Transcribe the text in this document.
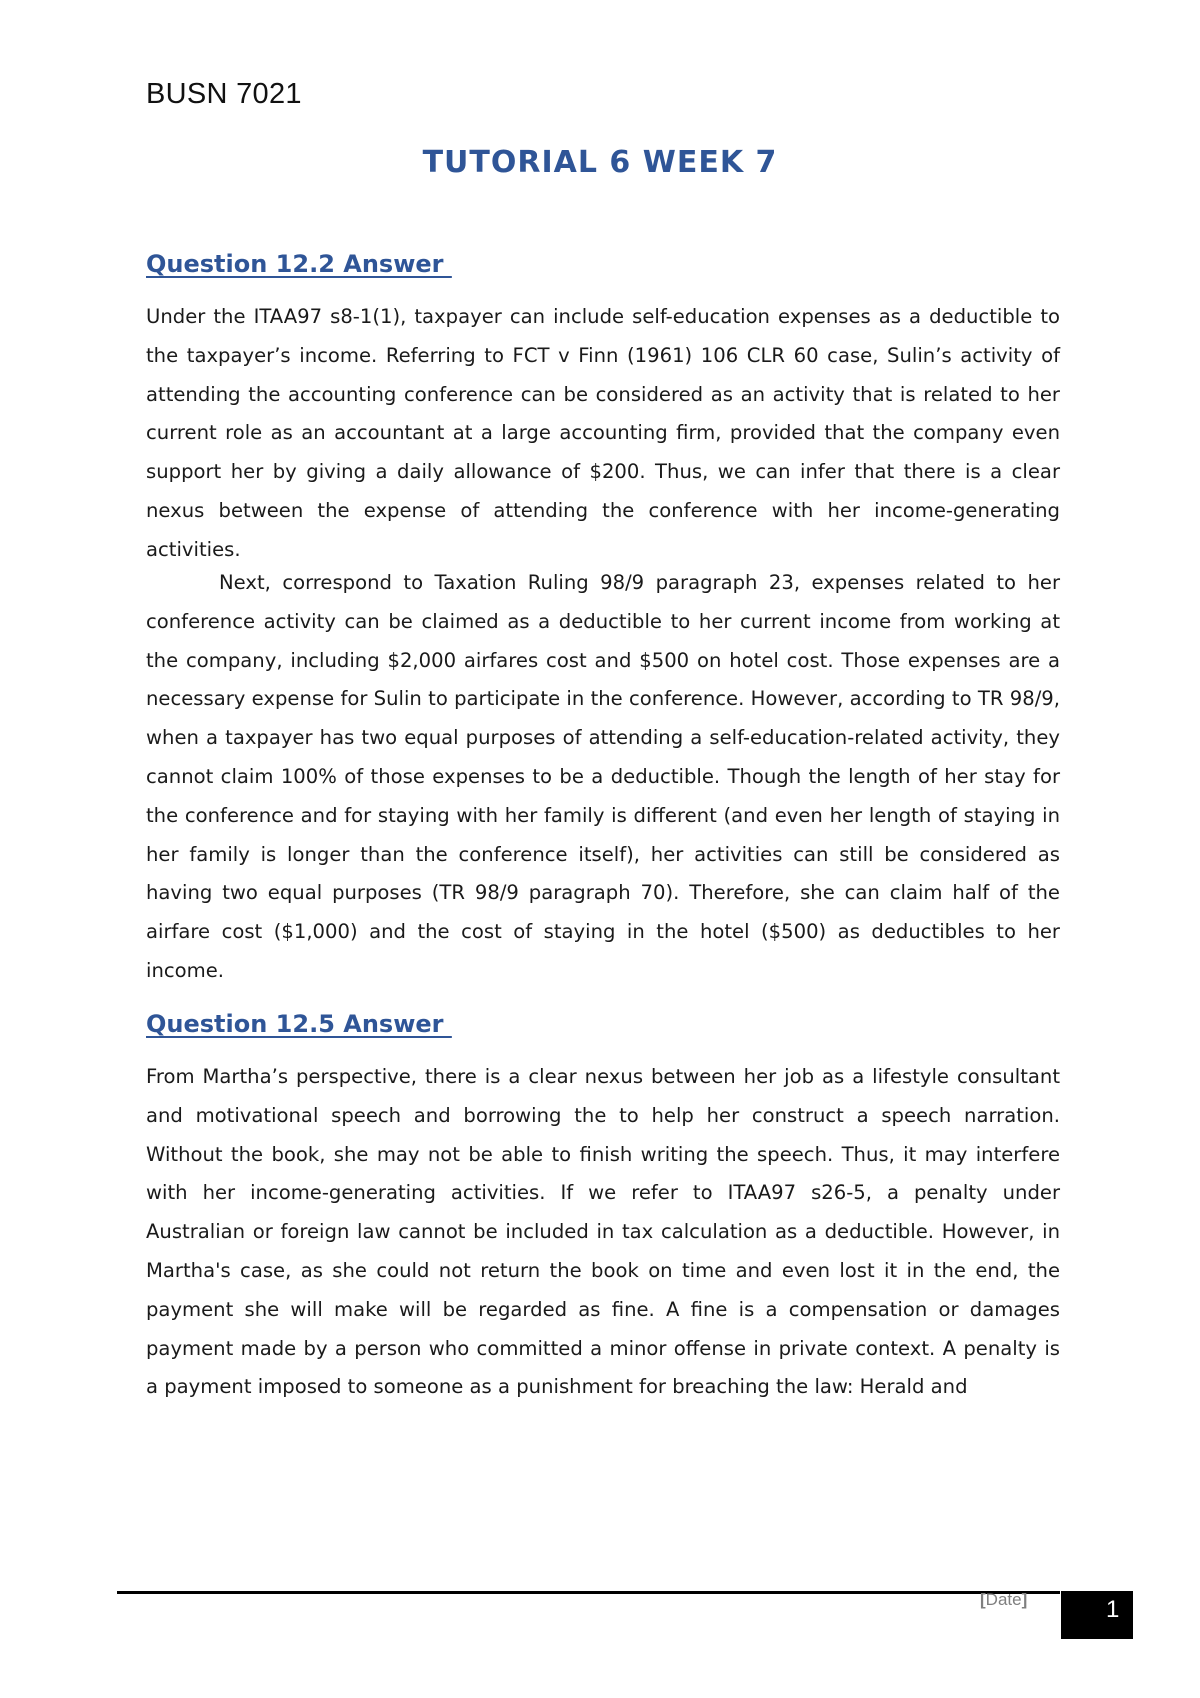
BUSN 7021

TUTORIAL 6 WEEK 7
Question 12.2 Answer

Under the ITAA97 s8-1(1), taxpayer can include self-education expenses as a deductible to the taxpayer’s income. Referring to FCT v Finn (1961) 106 CLR 60 case, Sulin’s activity of attending the accounting conference can be considered as an activity that is related to her current role as an accountant at a large accounting firm, provided that the company even support her by giving a daily allowance of $200. Thus, we can infer that there is a clear nexus between the expense of attending the conference with her income-generating activities.

Next, correspond to Taxation Ruling 98/9 paragraph 23, expenses related to her conference activity can be claimed as a deductible to her current income from working at the company, including $2,000 airfares cost and $500 on hotel cost. Those expenses are a necessary expense for Sulin to participate in the conference. However, according to TR 98/9, when a taxpayer has two equal purposes of attending a self-education-related activity, they cannot claim 100% of those expenses to be a deductible. Though the length of her stay for the conference and for staying with her family is different (and even her length of staying in her family is longer than the conference itself), her activities can still be considered as having two equal purposes (TR 98/9 paragraph 70). Therefore, she can claim half of the airfare cost ($1,000) and the cost of staying in the hotel ($500) as deductibles to her income.

Question 12.5 Answer

From Martha’s perspective, there is a clear nexus between her job as a lifestyle consultant and motivational speech and borrowing the to help her construct a speech narration. Without the book, she may not be able to finish writing the speech. Thus, it may interfere with her income-generating activities. If we refer to ITAA97 s26-5, a penalty under Australian or foreign law cannot be included in tax calculation as a deductible. However, in Martha's case, as she could not return the book on time and even lost it in the end, the payment she will make will be regarded as fine. A fine is a compensation or damages payment made by a person who committed a minor offense in private context. A penalty is a payment imposed to someone as a punishment for breaching the law: Herald and

[Date]	1
